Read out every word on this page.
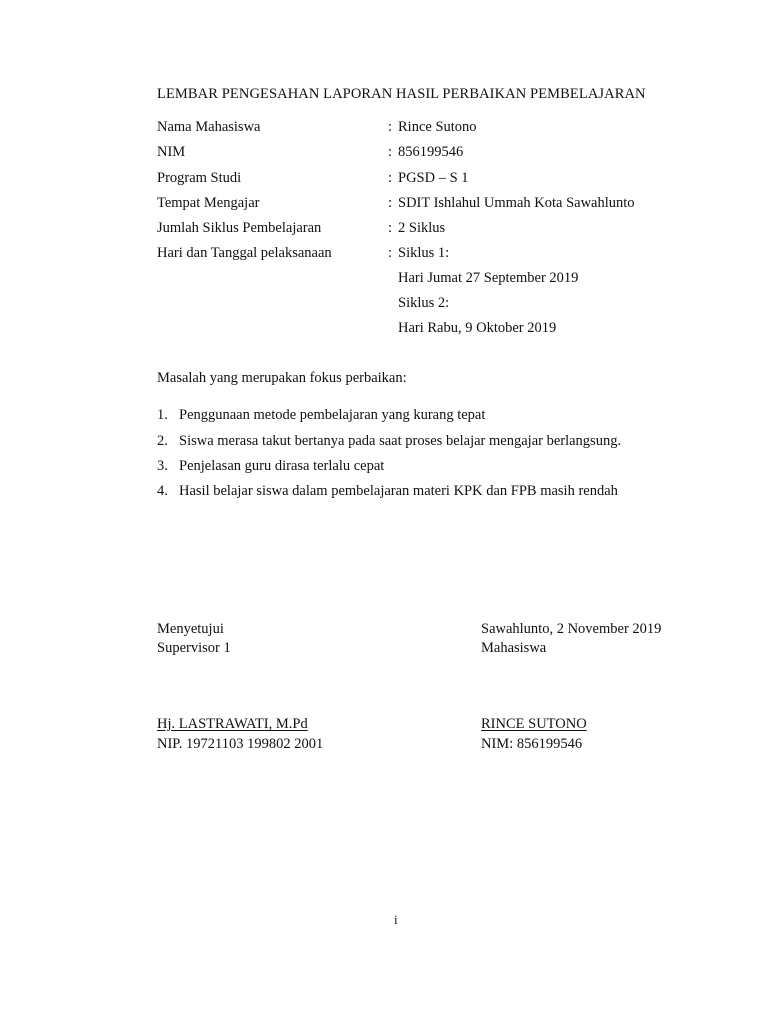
LEMBAR PENGESAHAN LAPORAN HASIL PERBAIKAN PEMBELAJARAN
Nama Mahasiswa	: Rince Sutono
NIM	: 856199546
Program Studi	: PGSD – S 1
Tempat Mengajar	: SDIT Ishlahul Ummah Kota Sawahlunto
Jumlah Siklus Pembelajaran	: 2 Siklus
Hari dan Tanggal pelaksanaan	: Siklus 1:
Hari Jumat 27 September 2019
Siklus 2:
Hari Rabu, 9 Oktober 2019
Masalah yang merupakan fokus perbaikan:
1. Penggunaan metode pembelajaran yang kurang tepat
2. Siswa merasa takut bertanya pada saat proses belajar mengajar berlangsung.
3. Penjelasan guru dirasa terlalu cepat
4. Hasil belajar siswa dalam pembelajaran materi KPK dan FPB masih rendah
Menyetujui
Supervisor 1
Hj. LASTRAWATI, M.Pd
NIP. 19721103 199802 2001
Sawahlunto, 2 November 2019
Mahasiswa
RINCE SUTONO
NIM: 856199546
i
